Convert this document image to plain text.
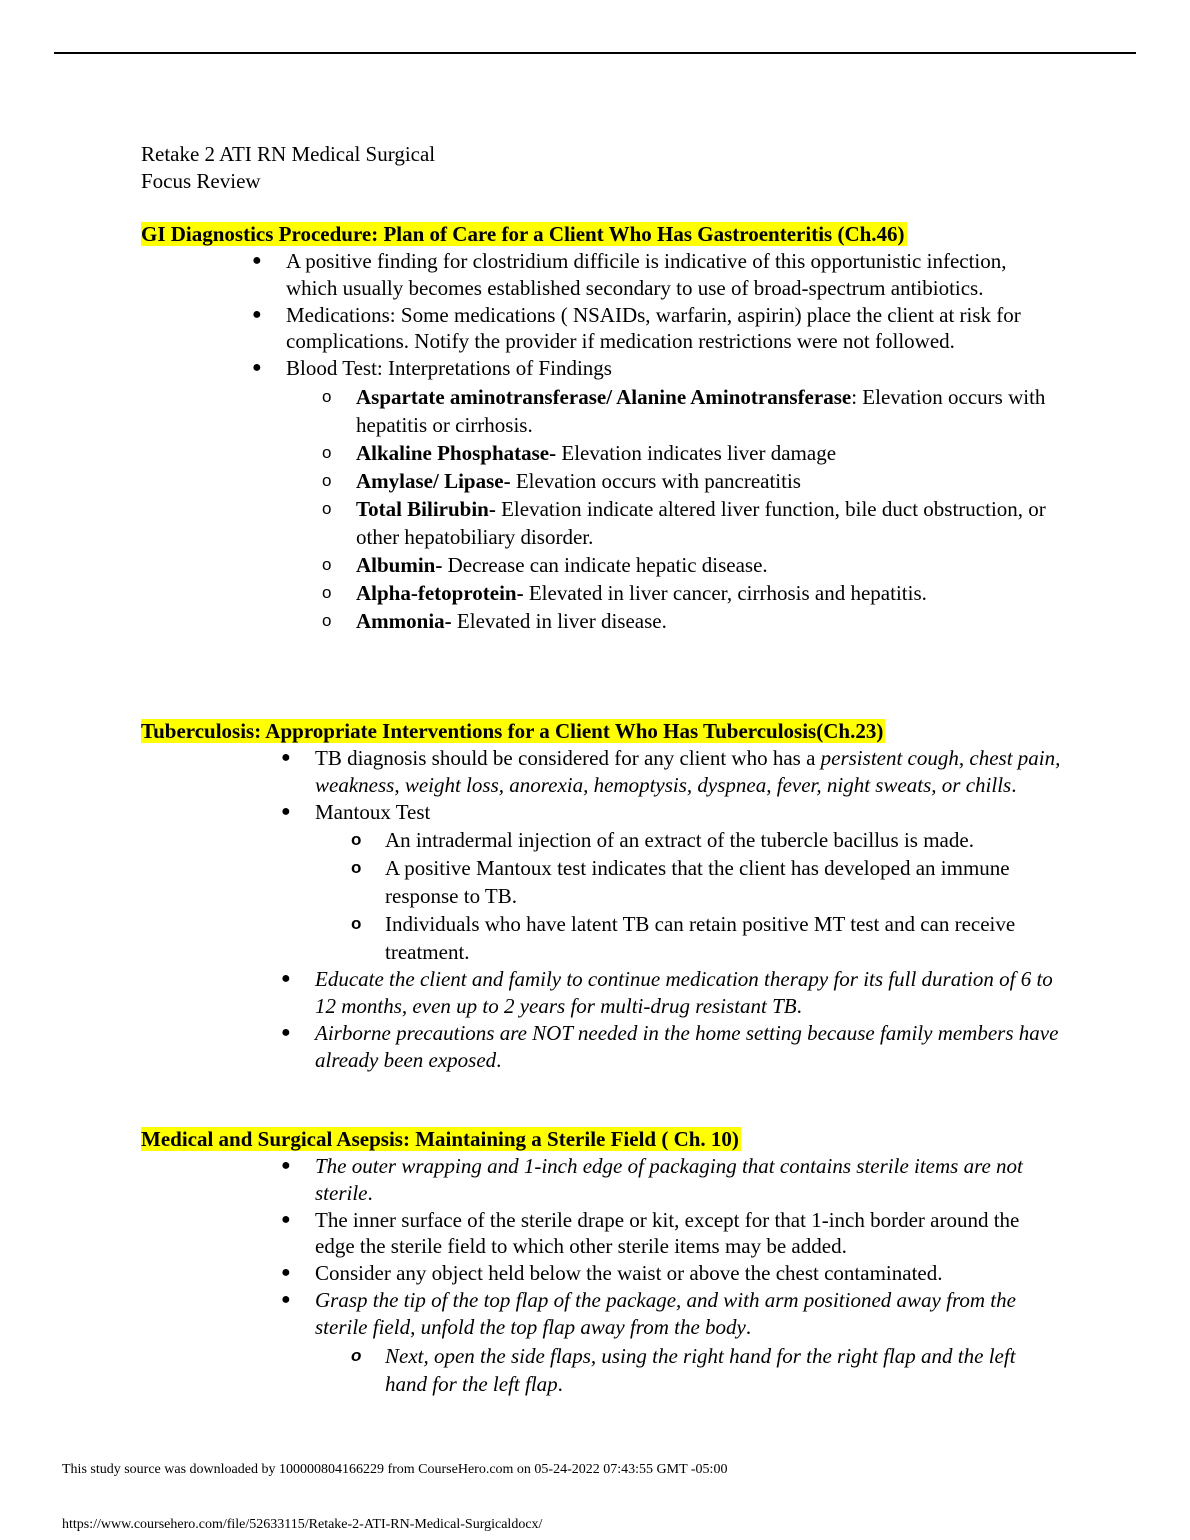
Retake 2 ATI RN Medical Surgical
Focus Review
GI Diagnostics Procedure: Plan of Care for a Client Who Has Gastroenteritis (Ch.46)
● A positive finding for clostridium difficile is indicative of this opportunistic infection, which usually becomes established secondary to use of broad-spectrum antibiotics.
● Medications: Some medications ( NSAIDs, warfarin, aspirin) place the client at risk for complications. Notify the provider if medication restrictions were not followed.
● Blood Test: Interpretations of Findings
o Aspartate aminotransferase/ Alanine Aminotransferase: Elevation occurs with hepatitis or cirrhosis.
o Alkaline Phosphatase- Elevation indicates liver damage
o Amylase/ Lipase- Elevation occurs with pancreatitis
o Total Bilirubin- Elevation indicate altered liver function, bile duct obstruction, or other hepatobiliary disorder.
o Albumin- Decrease can indicate hepatic disease.
o Alpha-fetoprotein- Elevated in liver cancer, cirrhosis and hepatitis.
o Ammonia- Elevated in liver disease.
Tuberculosis: Appropriate Interventions for a Client Who Has Tuberculosis(Ch.23)
● TB diagnosis should be considered for any client who has a persistent cough, chest pain, weakness, weight loss, anorexia, hemoptysis, dyspnea, fever, night sweats, or chills.
● Mantoux Test
o An intradermal injection of an extract of the tubercle bacillus is made.
o A positive Mantoux test indicates that the client has developed an immune response to TB.
o Individuals who have latent TB can retain positive MT test and can receive treatment.
● Educate the client and family to continue medication therapy for its full duration of 6 to 12 months, even up to 2 years for multi-drug resistant TB.
● Airborne precautions are NOT needed in the home setting because family members have already been exposed.
Medical and Surgical Asepsis: Maintaining a Sterile Field ( Ch. 10)
● The outer wrapping and 1-inch edge of packaging that contains sterile items are not sterile.
● The inner surface of the sterile drape or kit, except for that 1-inch border around the edge the sterile field to which other sterile items may be added.
● Consider any object held below the waist or above the chest contaminated.
● Grasp the tip of the top flap of the package, and with arm positioned away from the sterile field, unfold the top flap away from the body.
o Next, open the side flaps, using the right hand for the right flap and the left hand for the left flap.
This study source was downloaded by 100000804166229 from CourseHero.com on 05-24-2022 07:43:55 GMT -05:00
https://www.coursehero.com/file/52633115/Retake-2-ATI-RN-Medical-Surgicaldocx/
